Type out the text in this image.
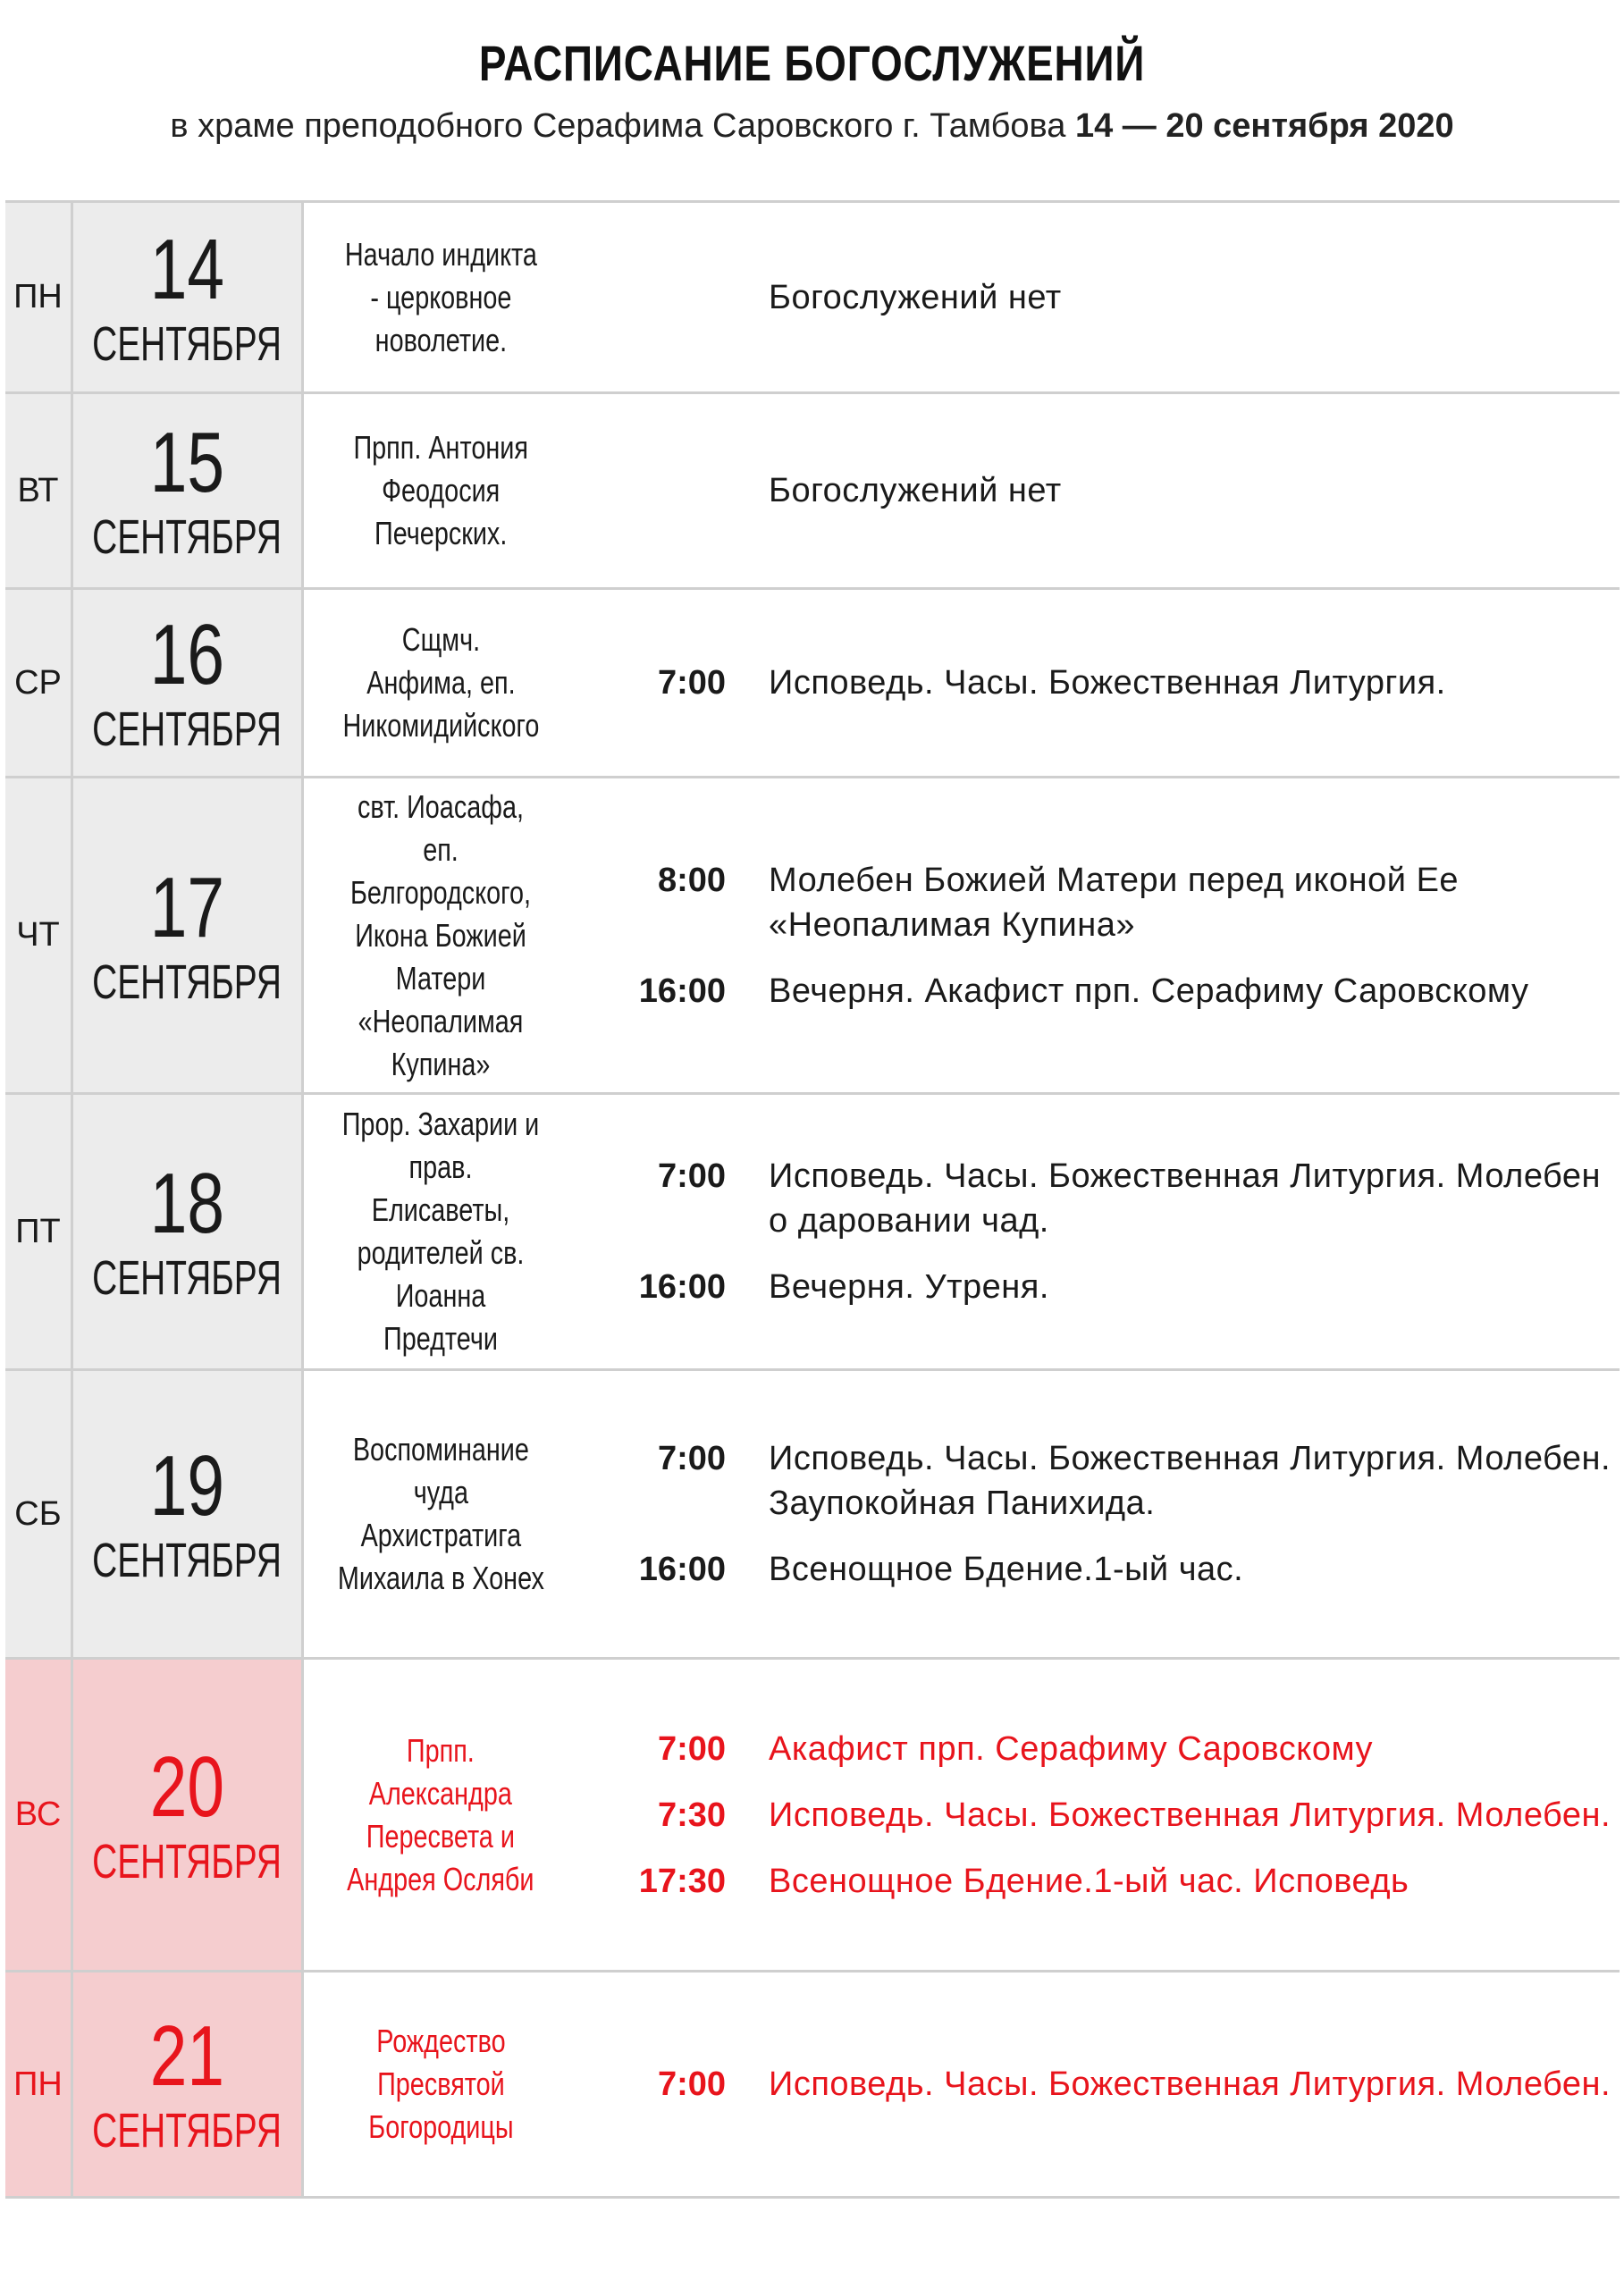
РАСПИСАНИЕ БОГОСЛУЖЕНИЙ
в храме преподобного Серафима Саровского г. Тамбова 14 — 20 сентября 2020
ПН 14
СЕНТЯБРЯ
Начало индикта
- церковное
новолетие.
Богослужений нет
ВТ 15
СЕНТЯБРЯ
Прпп. Антония
Феодосия
Печерских.
Богослужений нет
СР 16
СЕНТЯБРЯ
Сщмч.
Анфима, еп.
Никомидийского
7:00 Исповедь. Часы. Божественная Литургия.
ЧТ 17
СЕНТЯБРЯ
свт. Иоасафа, еп.
Белгородского,
Икона Божией
Матери
«Неопалимая
Купина»
8:00 Молебен Божией Матери перед иконой Ее «Неопалимая Купина»
16:00 Вечерня. Акафист прп. Серафиму Саровскому
ПТ 18
СЕНТЯБРЯ
Прор. Захарии и
прав. Елисаветы,
родителей св.
Иоанна
Предтечи
7:00 Исповедь. Часы. Божественная Литургия. Молебен о даровании чад.
16:00 Вечерня. Утреня.
СБ 19
СЕНТЯБРЯ
Воспоминание
чуда
Архистратига
Михаила в Хонех
7:00 Исповедь. Часы. Божественная Литургия. Молебен. Заупокойная Панихида.
16:00 Всенощное Бдение.1-ый час.
ВС 20
СЕНТЯБРЯ
Прпп.
Александра
Пересвета и
Андрея Осляби
7:00 Акафист прп. Серафиму Саровскому
7:30 Исповедь. Часы. Божественная Литургия. Молебен.
17:30 Всенощное Бдение.1-ый час. Исповедь
ПН 21
СЕНТЯБРЯ
Рождество
Пресвятой
Богородицы
7:00 Исповедь. Часы. Божественная Литургия. Молебен.
